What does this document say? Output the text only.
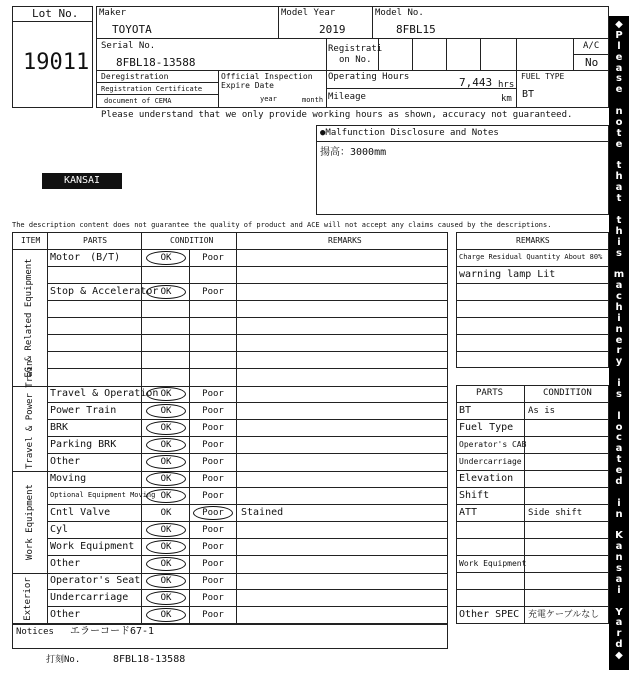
Lot No.
19011
Maker
TOYOTA
Model Year
2019
Model No.
8FBL15
Serial No.
8FBL18-13588
Registrati
on No.
A/C
No
Deregistration
Registration Certificate
document of CEMA
Official Inspection
Expire Date
year	month
Operating Hours	7,443 hrs
Mileage	km
FUEL TYPE
BT
Please understand that we only provide working hours as shown, accuracy not guaranteed.
●Malfunction Disclosure and Notes
揚高：3000mm
KANSAI
The description content does not guarantee the quality of product and ACE will not accept any claims caused by the descriptions.
ITEM	PARTS	CONDITION	REMARKS
EG & Related Equipment
Travel & Power Train
Work Equipment
Exterior
Motor　(B/T)	OK	Poor
Stop & Accelerator OK	Poor
Travel & Operation OK	Poor
Power Train	OK	Poor
BRK	OK	Poor
Parking BRK	OK	Poor
Other	OK	Poor
Moving	OK	Poor
Optional Equipment Moving OK	Poor
Cntl Valve	OK	Poor	Stained
Cyl	OK	Poor
Work Equipment	OK	Poor
Other	OK	Poor
Operator's Seat	OK	Poor
Undercarriage	OK	Poor
Other	OK	Poor
REMARKS
Charge Residual Quantity About 80%
warning lamp Lit
PARTS	CONDITION
BT	As is
Fuel Type
Operator's CAB
Undercarriage
Elevation
Shift
ATT	Side shift
Work Equipment
Other SPEC 充電ケーブルなし
Notices エラーコード67-1
打刻No.	8FBL18-13588
◆
P
l
e
a
s
e
n
o
t
e
t
h
a
t
t
h
i
s
m
a
c
h
i
n
e
r
y
i
s
l
o
c
a
t
e
d
i
n
K
a
n
s
a
i
Y
a
r
d
◆
